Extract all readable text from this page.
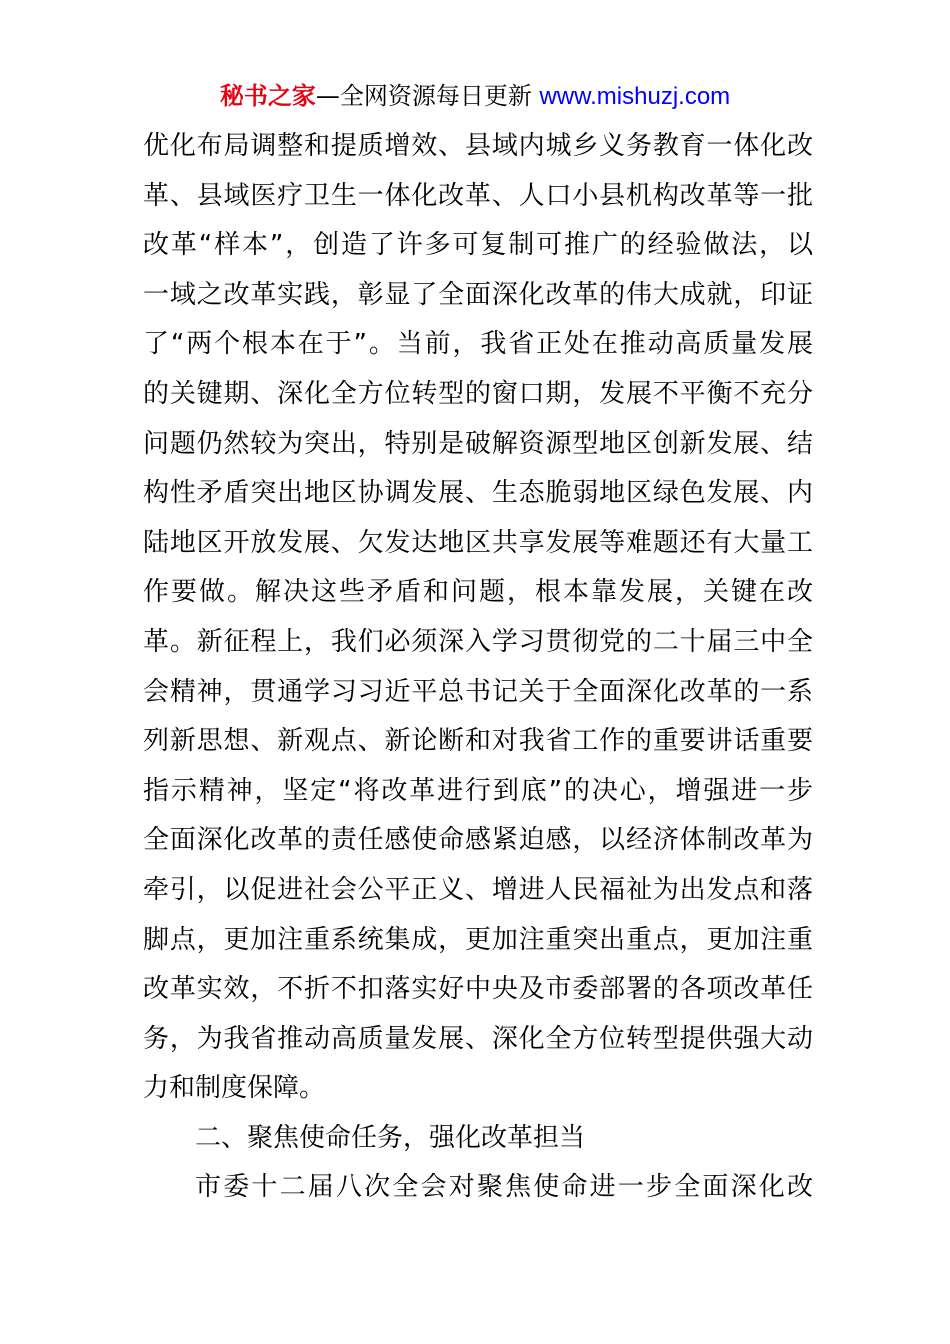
秘书之家—全网资源每日更新 www.mishuzj.com
优化布局调整和提质增效、县域内城乡义务教育一体化改
革、县域医疗卫生一体化改革、人口小县机构改革等一批
改革“样本”，创造了许多可复制可推广的经验做法，以
一域之改革实践，彰显了全面深化改革的伟大成就，印证
了“两个根本在于”。当前，我省正处在推动高质量发展
的关键期、深化全方位转型的窗口期，发展不平衡不充分
问题仍然较为突出，特别是破解资源型地区创新发展、结
构性矛盾突出地区协调发展、生态脆弱地区绿色发展、内
陆地区开放发展、欠发达地区共享发展等难题还有大量工
作要做。解决这些矛盾和问题，根本靠发展，关键在改
革。新征程上，我们必须深入学习贯彻党的二十届三中全
会精神，贯通学习习近平总书记关于全面深化改革的一系
列新思想、新观点、新论断和对我省工作的重要讲话重要
指示精神，坚定“将改革进行到底”的决心，增强进一步
全面深化改革的责任感使命感紧迫感，以经济体制改革为
牵引，以促进社会公平正义、增进人民福祉为出发点和落
脚点，更加注重系统集成，更加注重突出重点，更加注重
改革实效，不折不扣落实好中央及市委部署的各项改革任
务，为我省推动高质量发展、深化全方位转型提供强大动
力和制度保障。
二、聚焦使命任务，强化改革担当
市委十二届八次全会对聚焦使命进一步全面深化改
